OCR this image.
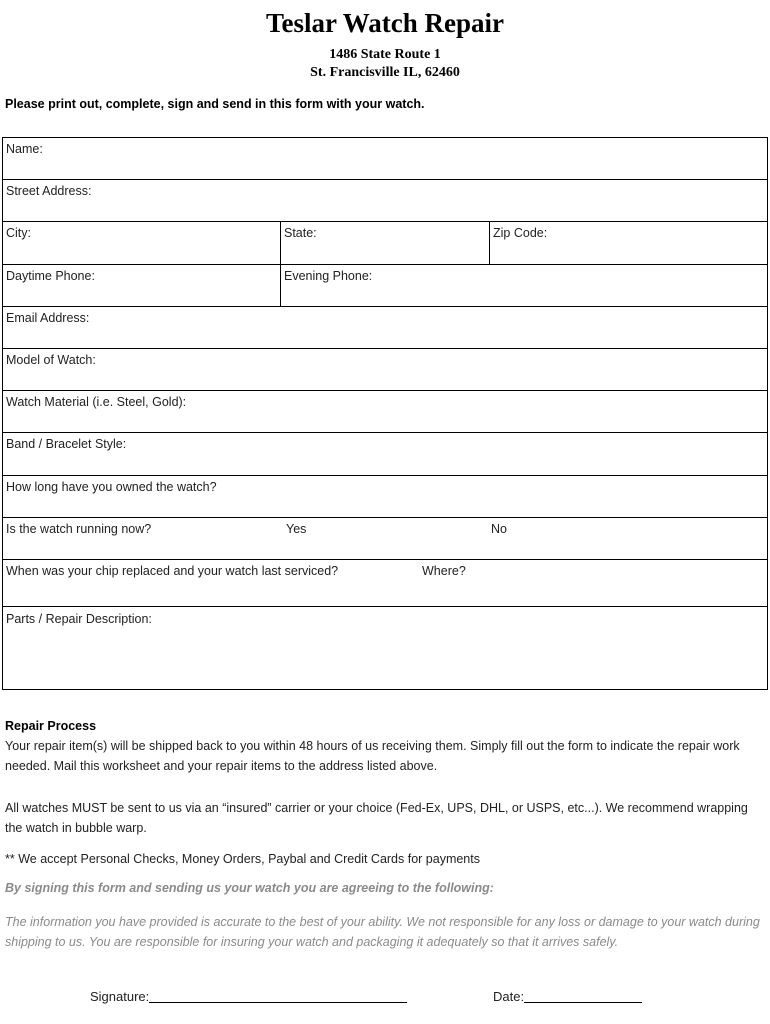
Teslar Watch Repair
1486 State Route 1
St. Francisville IL, 62460
Please print out, complete, sign and send in this form with your watch.
Name:
Street Address:
City:	State:	Zip Code:
Daytime Phone:	Evening Phone:
Email Address:
Model of Watch:
Watch Material (i.e. Steel, Gold):
Band / Bracelet Style:
How long have you owned the watch?
Is the watch running now?	Yes	No
When was your chip replaced and your watch last serviced?	Where?
Parts / Repair Description:
Repair Process
Your repair item(s) will be shipped back to you within 48 hours of us receiving them. Simply fill out the form to indicate the repair work needed. Mail this worksheet and your repair items to the address listed above.
All watches MUST be sent to us via an “insured” carrier or your choice (Fed-Ex, UPS, DHL, or USPS, etc...). We recommend wrapping the watch in bubble warp.
** We accept Personal Checks, Money Orders, Paybal and Credit Cards for payments
By signing this form and sending us your watch you are agreeing to the following:
The information you have provided is accurate to the best of your ability. We not responsible for any loss or damage to your watch during shipping to us. You are responsible for insuring your watch and packaging it adequately so that it arrives safely.
Signature:	Date:
